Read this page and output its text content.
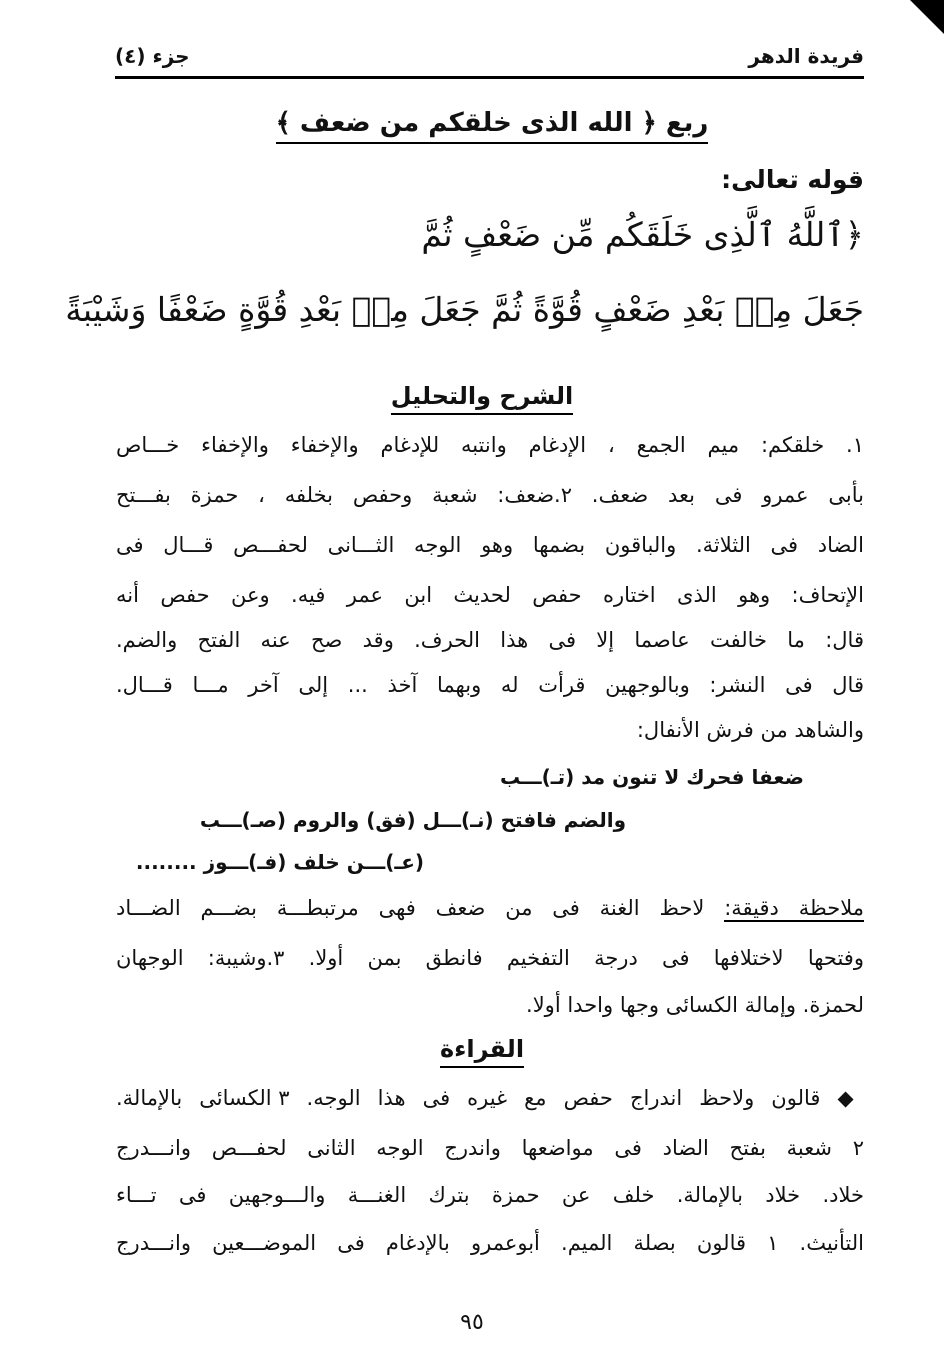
فريدة الدهر
جزء (٤)
ربع ﴿ الله الذى خلقكم من ضعف ﴾
قوله تعالى:
﴿ٱللَّهُ ٱلَّذِى خَلَقَكُم مِّن ضَعْفٍ ثُمَّ
جَعَلَ مِنۢ بَعْدِ ضَعْفٍ قُوَّةً ثُمَّ جَعَلَ مِنۢ بَعْدِ قُوَّةٍ ضَعْفًا وَشَيْبَةً
الشرح والتحليل
١. خلقكم: ميم الجمع ، الإدغام وانتبه للإدغام والإخفاء والإخفاء خـــاص
بأبى عمرو فى بعد ضعف. ٢.ضعف: شعبة وحفص بخلفه ، حمزة بفـــتح
الضاد فى الثلاثة. والباقون بضمها وهو الوجه الثـــانى لحفـــص قـــال فى
الإتحاف: وهو الذى اختاره حفص لحديث ابن عمر فيه. وعن حفص أنه
قال: ما خالفت عاصما إلا فى هذا الحرف. وقد صح عنه الفتح والضم.
قال فى النشر: وبالوجهين قرأت له وبهما آخذ ... إلى آخر مـــا قـــال.
والشاهد من فرش الأنفال:
ضعفا فحرك لا تنون مد (تـ)ـــب
والضم فافتح (نـ)ـــل (فق) والروم (صـ)ـــب
(عـ)ـــن خلف (فـ)ـــوز ........
ملاحظة دقيقة: لاحظ الغنة فى من ضعف فهى مرتبطـــة بضـــم الضـــاد
وفتحها لاختلافها فى درجة التفخيم فانطق بمن أولا. ٣.وشيبة: الوجهان
لحمزة. وإمالة الكسائى وجها واحدا أولا.
القراءة
◆ قالون ولاحظ اندراج حفص مع غيره فى هذا الوجه. ٣ الكسائى بالإمالة.
٢ شعبة بفتح الضاد فى مواضعها واندرج الوجه الثانى لحفـــص وانـــدرج
خلاد. خلاد بالإمالة. خلف عن حمزة بترك الغنـــة والـــوجهين فى تـــاء
التأنيث. ١ قالون بصلة الميم. أبوعمرو بالإدغام فى الموضـــعين وانـــدرج
٩٥
